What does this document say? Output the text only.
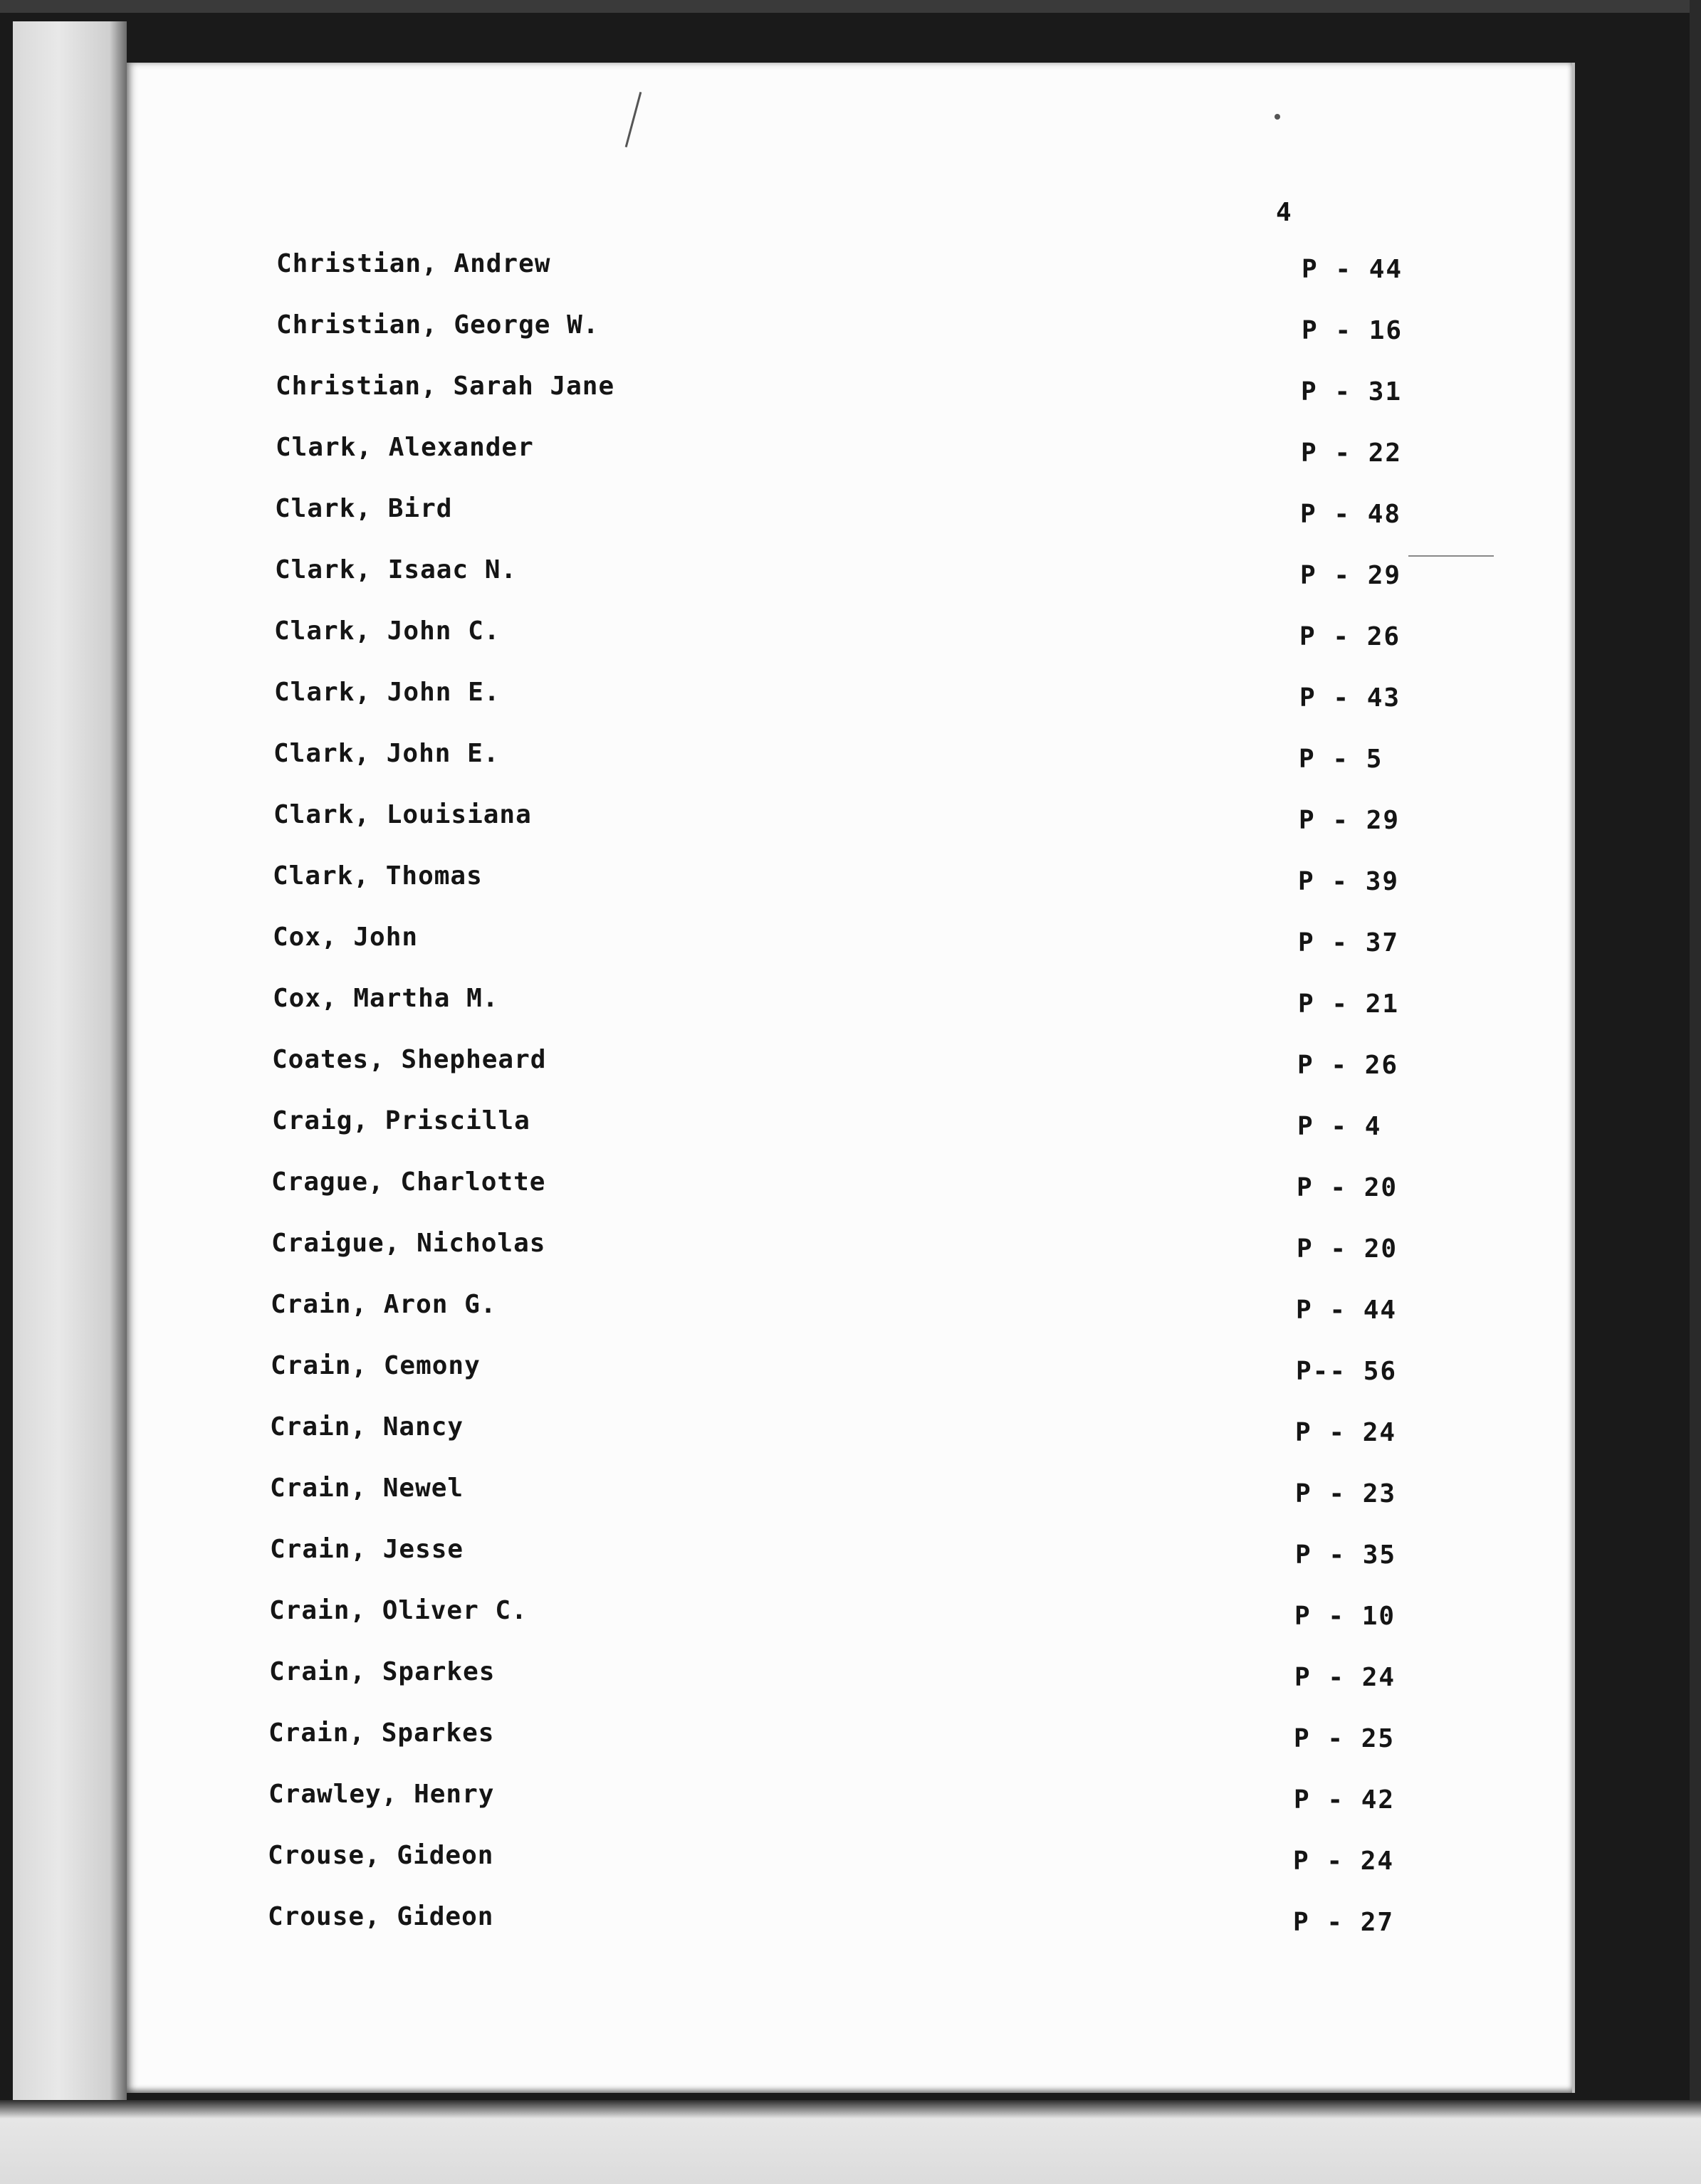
4
Christian, Andrew	P - 44
Christian, George W.	P - 16
Christian, Sarah Jane	P - 31
Clark, Alexander	P - 22
Clark, Bird	P - 48
Clark, Isaac N.	P - 29
Clark, John C.	P - 26
Clark, John E.	P - 43
Clark, John E.	P - 5
Clark, Louisiana	P - 29
Clark, Thomas	P - 39
Cox, John	P - 37
Cox, Martha M.	P - 21
Coates, Shepheard	P - 26
Craig, Priscilla	P - 4
Crague, Charlotte	P - 20
Craigue, Nicholas	P - 20
Crain, Aron G.	P - 44
Crain, Cemony	P-- 56
Crain, Nancy	P - 24
Crain, Newel	P - 23
Crain, Jesse	P - 35
Crain, Oliver C.	P - 10
Crain, Sparkes	P - 24
Crain, Sparkes	P - 25
Crawley, Henry	P - 42
Crouse, Gideon	P - 24
Crouse, Gideon	P - 27
